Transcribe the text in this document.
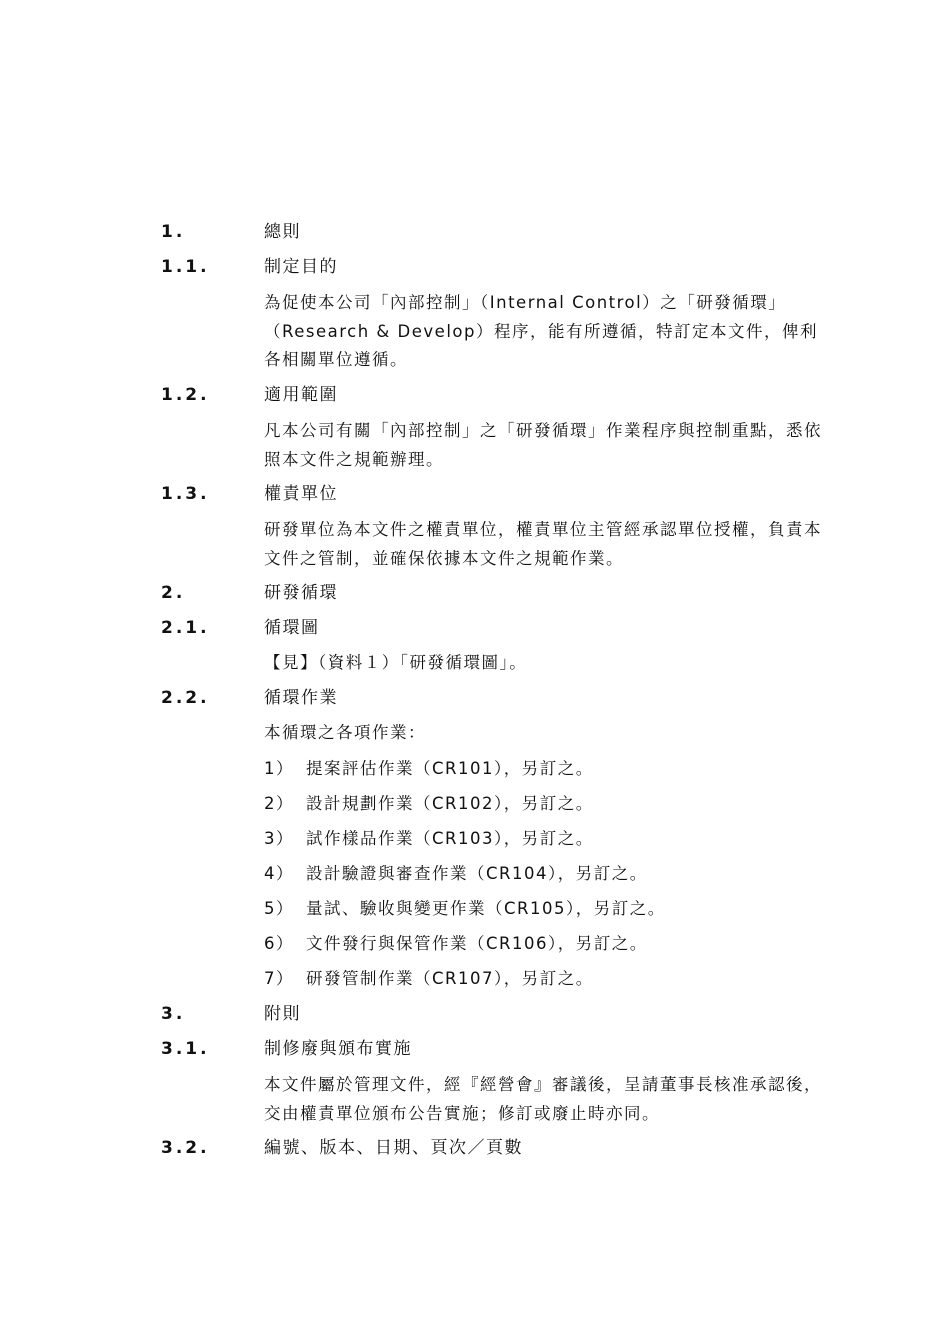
1.	總則
1.1.	制定目的
為促使本公司「內部控制」（Internal Control）之「研發循環」
（Research & Develop）程序，能有所遵循，特訂定本文件，俾利
各相關單位遵循。
1.2.	適用範圍
凡本公司有關「內部控制」之「研發循環」作業程序與控制重點，悉依
照本文件之規範辦理。
1.3.	權責單位
研發單位為本文件之權責單位，權責單位主管經承認單位授權，負責本
文件之管制，並確保依據本文件之規範作業。
2.	研發循環
2.1.	循環圖
【見】（資料１）「研發循環圖」。
2.2.	循環作業
本循環之各項作業：
1） 提案評估作業（CR101），另訂之。
2） 設計規劃作業（CR102），另訂之。
3） 試作樣品作業（CR103），另訂之。
4） 設計驗證與審查作業（CR104），另訂之。
5） 量試、驗收與變更作業（CR105），另訂之。
6） 文件發行與保管作業（CR106），另訂之。
7） 研發管制作業（CR107），另訂之。
3.	附則
3.1.	制修廢與頒布實施
本文件屬於管理文件，經『經營會』審議後，呈請董事長核准承認後，
交由權責單位頒布公告實施；修訂或廢止時亦同。
3.2.	編號、版本、日期、頁次／頁數
